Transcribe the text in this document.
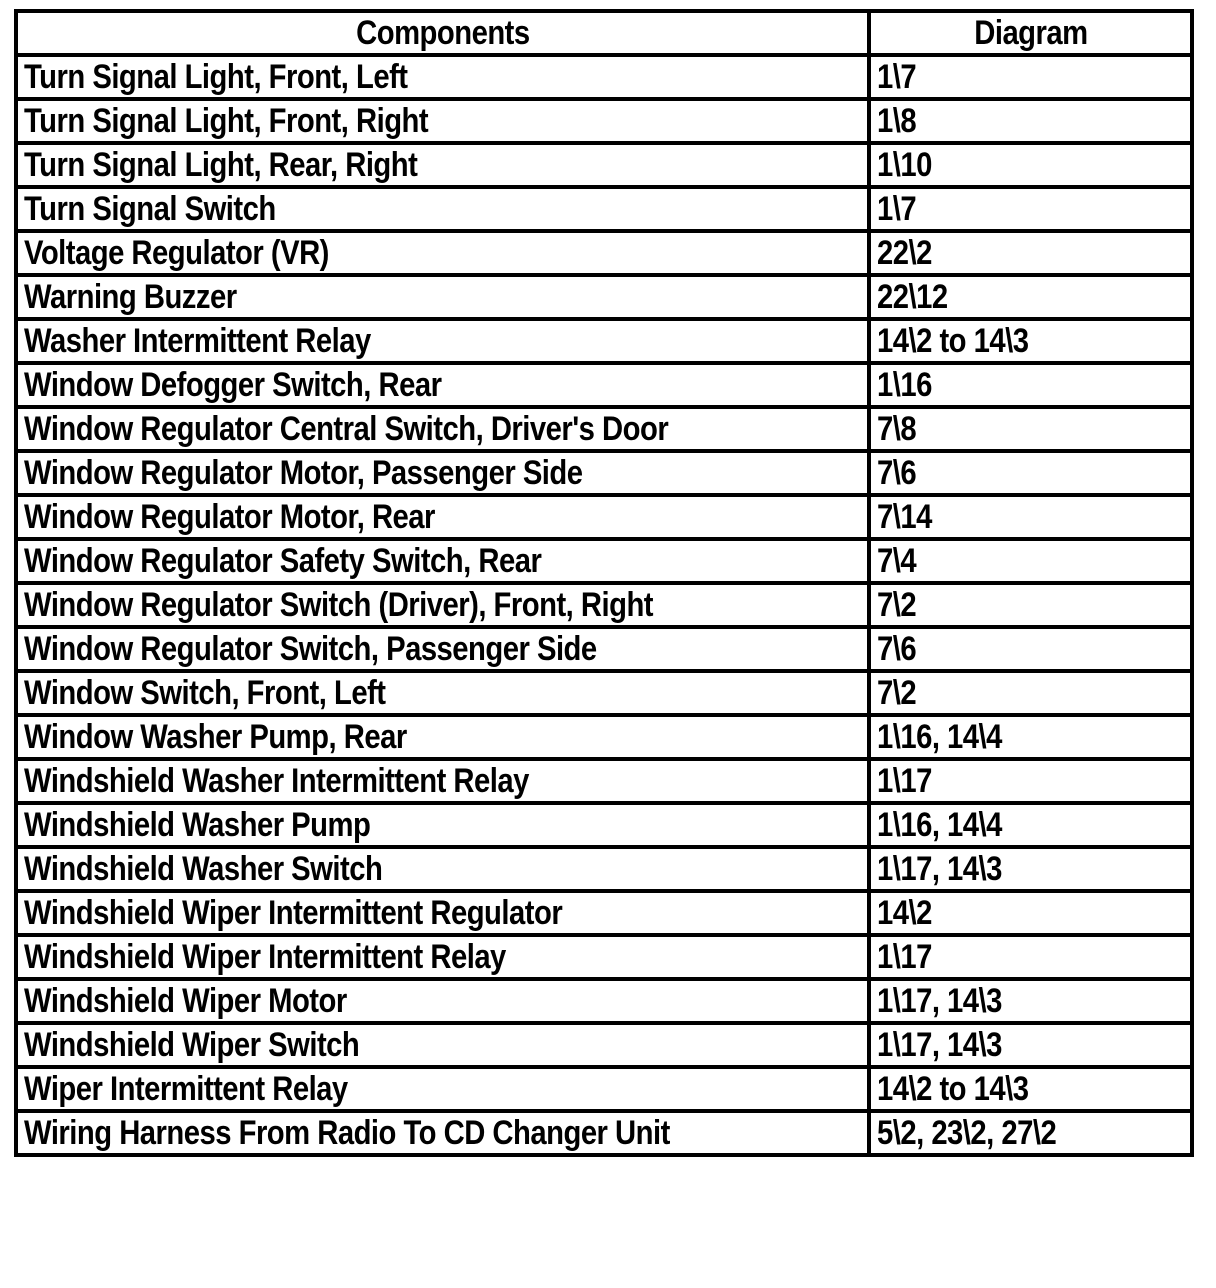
Components	Diagram
Turn Signal Light, Front, Left	1\7
Turn Signal Light, Front, Right	1\8
Turn Signal Light, Rear, Right	1\10
Turn Signal Switch	1\7
Voltage Regulator (VR)	22\2
Warning Buzzer	22\12
Washer Intermittent Relay	14\2 to 14\3
Window Defogger Switch, Rear	1\16
Window Regulator Central Switch, Driver's Door	7\8
Window Regulator Motor, Passenger Side	7\6
Window Regulator Motor, Rear	7\14
Window Regulator Safety Switch, Rear	7\4
Window Regulator Switch (Driver), Front, Right	7\2
Window Regulator Switch, Passenger Side	7\6
Window Switch, Front, Left	7\2
Window Washer Pump, Rear	1\16, 14\4
Windshield Washer Intermittent Relay	1\17
Windshield Washer Pump	1\16, 14\4
Windshield Washer Switch	1\17, 14\3
Windshield Wiper Intermittent Regulator	14\2
Windshield Wiper Intermittent Relay	1\17
Windshield Wiper Motor	1\17, 14\3
Windshield Wiper Switch	1\17, 14\3
Wiper Intermittent Relay	14\2 to 14\3
Wiring Harness From Radio To CD Changer Unit	5\2, 23\2, 27\2
